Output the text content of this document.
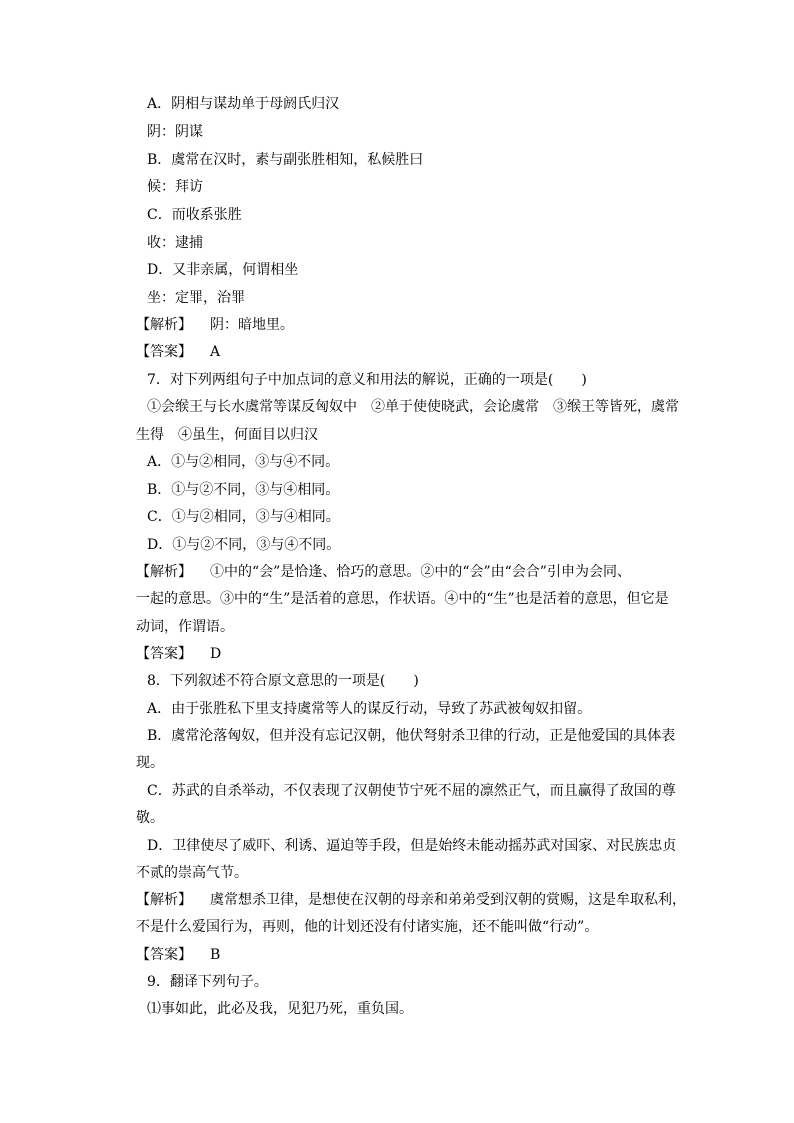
A．阴相与谋劫单于母阏氏归汉
阴：阴谋
B．虞常在汉时，素与副张胜相知，私候胜曰
候：拜访
C．而收系张胜
收：逮捕
D．又非亲属，何谓相坐
坐：定罪，治罪
【解析】 阴：暗地里。
【答案】 A
7．对下列两组句子中加点词的意义和用法的解说，正确的一项是(　　)
①会缑王与长水虞常等谋反匈奴中　②单于使使晓武，会论虞常　③缑王等皆死，虞常
生得　④虽生，何面目以归汉
A．①与②相同，③与④不同。
B．①与②不同，③与④相同。
C．①与②相同，③与④相同。
D．①与②不同，③与④不同。
【解析】 ①中的“会”是恰逢、恰巧的意思。②中的“会”由“会合”引申为会同、
一起的意思。③中的“生”是活着的意思，作状语。④中的“生”也是活着的意思，但它是
动词，作谓语。
【答案】 D
8．下列叙述不符合原文意思的一项是(　　)
A．由于张胜私下里支持虞常等人的谋反行动，导致了苏武被匈奴扣留。
B．虞常沦落匈奴，但并没有忘记汉朝，他伏弩射杀卫律的行动，正是他爱国的具体表
现。
C．苏武的自杀举动，不仅表现了汉朝使节宁死不屈的凛然正气，而且赢得了敌国的尊
敬。
D．卫律使尽了威吓、利诱、逼迫等手段，但是始终未能动摇苏武对国家、对民族忠贞
不贰的崇高气节。
【解析】 虞常想杀卫律，是想使在汉朝的母亲和弟弟受到汉朝的赏赐，这是牟取私利，
不是什么爱国行为，再则，他的计划还没有付诸实施，还不能叫做“行动”。
【答案】 B
9．翻译下列句子。
⑴事如此，此必及我，见犯乃死，重负国。
